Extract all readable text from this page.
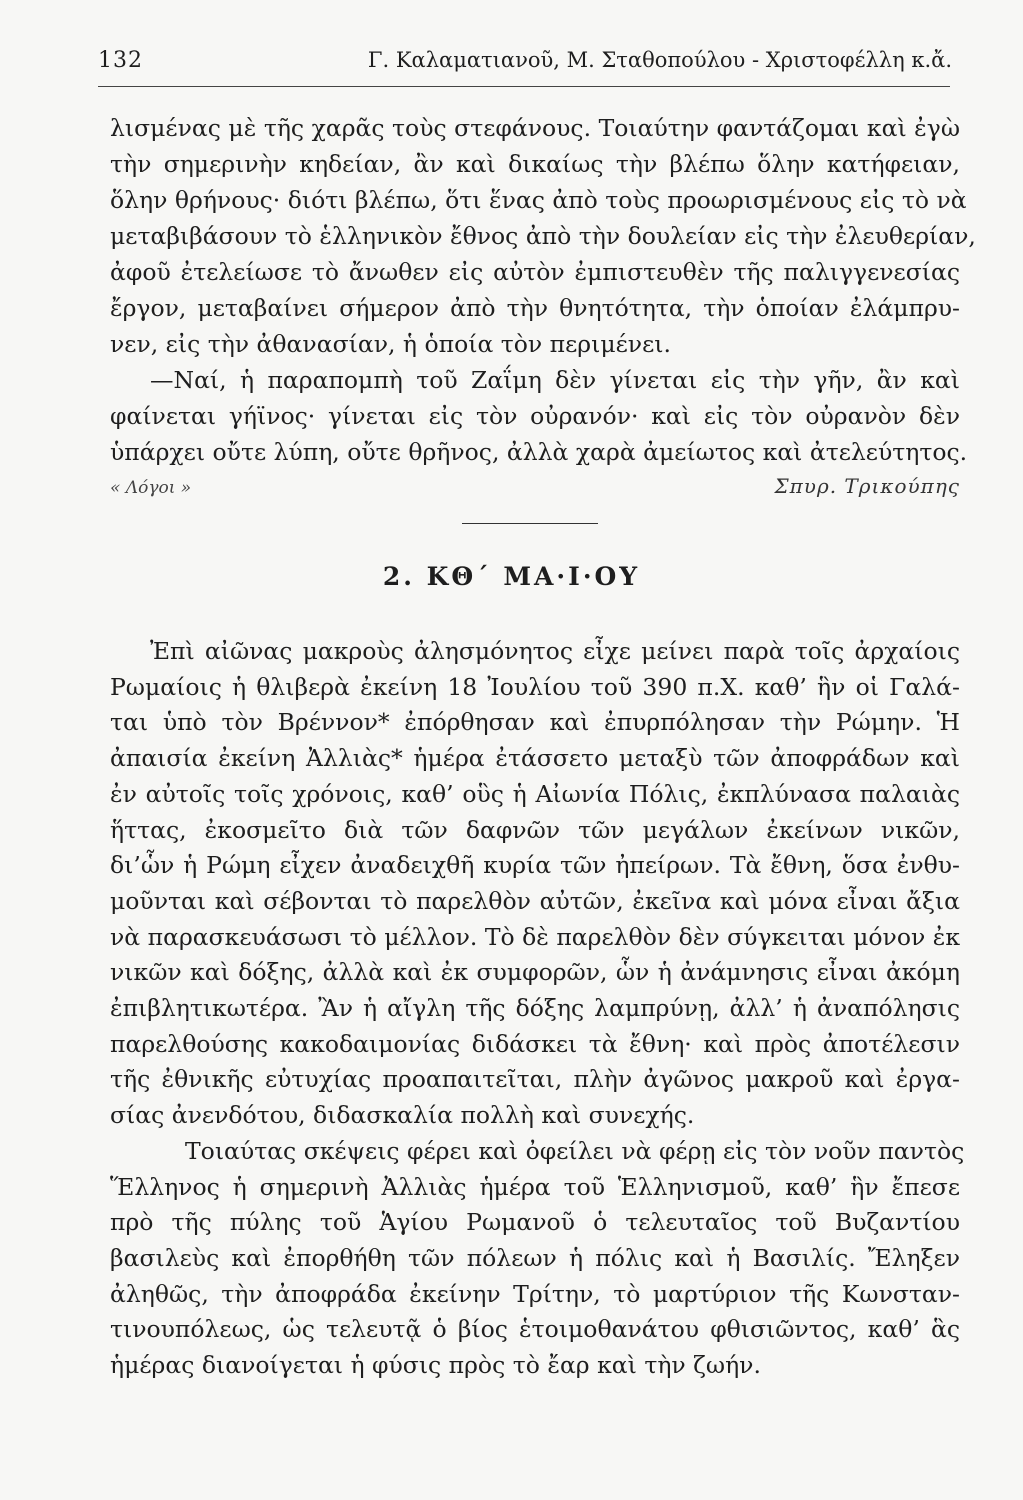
132	Γ. Καλαματιανοῦ, Μ. Σταθοπούλου - Χριστοφέλλη κ.ἄ.
λισμένας μὲ τῆς χαρᾶς τοὺς στεφάνους. Τοιαύτην φαντάζομαι καὶ ἐγὼ
τὴν σημερινὴν κηδείαν, ἂν καὶ δικαίως τὴν βλέπω ὅλην κατήφειαν,
ὅλην θρήνους· διότι βλέπω, ὅτι ἕνας ἀπὸ τοὺς προωρισμένους εἰς τὸ νὰ
μεταβιβάσουν τὸ ἑλληνικὸν ἔθνος ἀπὸ τὴν δουλείαν εἰς τὴν ἐλευθερίαν,
ἀφοῦ ἐτελείωσε τὸ ἄνωθεν εἰς αὐτὸν ἐμπιστευθὲν τῆς παλιγγενεσίας
ἔργον, μεταβαίνει σήμερον ἀπὸ τὴν θνητότητα, τὴν ὁποίαν ἐλάμπρυ-
νεν, εἰς τὴν ἀθανασίαν, ἡ ὁποία τὸν περιμένει.
—Ναί, ἡ παραπομπὴ τοῦ Ζαΐμη δὲν γίνεται εἰς τὴν γῆν, ἂν καὶ
φαίνεται γήϊνος· γίνεται εἰς τὸν οὐρανόν· καὶ εἰς τὸν οὐρανὸν δὲν
ὑπάρχει οὔτε λύπη, οὔτε θρῆνος, ἀλλὰ χαρὰ ἀμείωτος καὶ ἀτελεύτητος.
« Λόγοι »	Σπυρ. Τρικούπης
2. ΚΘ΄ ΜΑ·Ι·ΟΥ
Ἐπὶ αἰῶνας μακροὺς ἀλησμόνητος εἶχε μείνει παρὰ τοῖς ἀρχαίοις
Ρωμαίοις ἡ θλιβερὰ ἐκείνη 18 Ἰουλίου τοῦ 390 π.Χ. καθ’ ἣν οἱ Γαλά-
ται ὑπὸ τὸν Βρέννον* ἐπόρθησαν καὶ ἐπυρπόλησαν τὴν Ρώμην. Ἡ
ἀπαισία ἐκείνη Ἀλλιὰς* ἡμέρα ἐτάσσετο μεταξὺ τῶν ἀποφράδων καὶ
ἐν αὐτοῖς τοῖς χρόνοις, καθ’ οὓς ἡ Αἰωνία Πόλις, ἐκπλύνασα παλαιὰς
ἥττας, ἐκοσμεῖτο διὰ τῶν δαφνῶν τῶν μεγάλων ἐκείνων νικῶν,
δι’ὧν ἡ Ρώμη εἶχεν ἀναδειχθῆ κυρία τῶν ἠπείρων. Τὰ ἔθνη, ὅσα ἐνθυ-
μοῦνται καὶ σέβονται τὸ παρελθὸν αὐτῶν, ἐκεῖνα καὶ μόνα εἶναι ἄξια
νὰ παρασκευάσωσι τὸ μέλλον. Τὸ δὲ παρελθὸν δὲν σύγκειται μόνον ἐκ
νικῶν καὶ δόξης, ἀλλὰ καὶ ἐκ συμφορῶν, ὧν ἡ ἀνάμνησις εἶναι ἀκόμη
ἐπιβλητικωτέρα. Ἂν ἡ αἴγλη τῆς δόξης λαμπρύνῃ, ἀλλ’ ἡ ἀναπόλησις
παρελθούσης κακοδαιμονίας διδάσκει τὰ ἔθνη· καὶ πρὸς ἀποτέλεσιν
τῆς ἐθνικῆς εὐτυχίας προαπαιτεῖται, πλὴν ἀγῶνος μακροῦ καὶ ἐργα-
σίας ἀνενδότου, διδασκαλία πολλὴ καὶ συνεχής.
Τοιαύτας σκέψεις φέρει καὶ ὀφείλει νὰ φέρῃ εἰς τὸν νοῦν παντὸς
Ἕλληνος ἡ σημερινὴ Ἀλλιὰς ἡμέρα τοῦ Ἑλληνισμοῦ, καθ’ ἣν ἔπεσε
πρὸ τῆς πύλης τοῦ Ἁγίου Ρωμανοῦ ὁ τελευταῖος τοῦ Βυζαντίου
βασιλεὺς καὶ ἐπορθήθη τῶν πόλεων ἡ πόλις καὶ ἡ Βασιλίς. Ἔληξεν
ἀληθῶς, τὴν ἀποφράδα ἐκείνην Τρίτην, τὸ μαρτύριον τῆς Κωνσταν-
τινουπόλεως, ὡς τελευτᾷ ὁ βίος ἑτοιμοθανάτου φθισιῶντος, καθ’ ἃς
ἡμέρας διανοίγεται ἡ φύσις πρὸς τὸ ἔαρ καὶ τὴν ζωήν.
